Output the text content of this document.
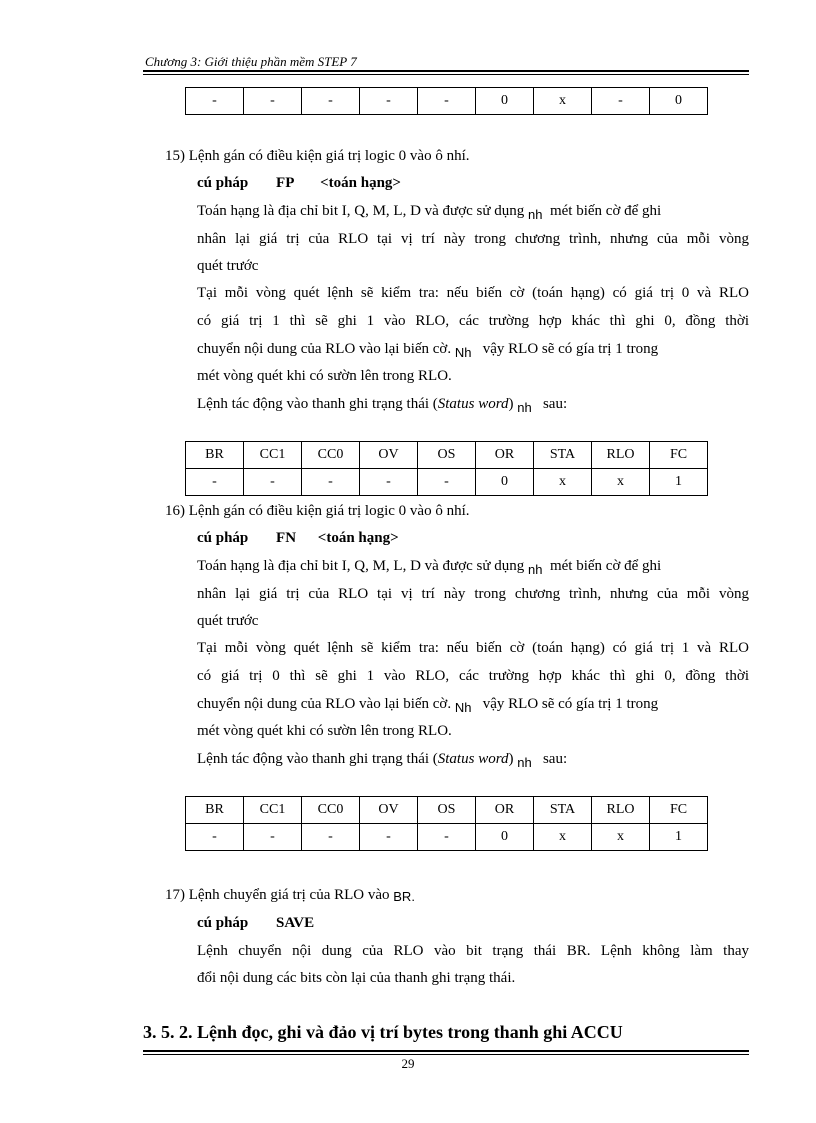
Chương 3: Giới thiệu phần mềm STEP 7
-	-	-	-	-	0	x	-	0
15) Lệnh gán có điều kiện giá trị logic 0 vào ô nhí.
cú pháp FP <toán hạng>
Toán hạng là địa chỉ bit I, Q, M, L, D và được sử dụng nh mét biến cờ để ghi
nhân lại giá trị của RLO tại vị trí này trong chương trình, nhưng của mỗi vòng
quét trước
Tại mỗi vòng quét lệnh sẽ kiểm tra: nếu biến cờ (toán hạng) có giá trị 0 và RLO
có giá trị 1 thì sẽ ghi 1 vào RLO, các trường hợp khác thì ghi 0, đồng thời
chuyển nội dung của RLO vào lại biến cờ. Nh vậy RLO sẽ có gía trị 1 trong
mét vòng quét khi có sườn lên trong RLO.
Lệnh tác động vào thanh ghi trạng thái (Status word) nh sau:
BR	CC1	CC0	OV	OS	OR	STA	RLO	FC
-	-	-	-	-	0	x	x	1
16) Lệnh gán có điều kiện giá trị logic 0 vào ô nhí.
cú pháp FN <toán hạng>
Toán hạng là địa chỉ bit I, Q, M, L, D và được sử dụng nh mét biến cờ để ghi
nhân lại giá trị của RLO tại vị trí này trong chương trình, nhưng của mỗi vòng
quét trước
Tại mỗi vòng quét lệnh sẽ kiểm tra: nếu biến cờ (toán hạng) có giá trị 1 và RLO
có giá trị 0 thì sẽ ghi 1 vào RLO, các trường hợp khác thì ghi 0, đồng thời
chuyển nội dung của RLO vào lại biến cờ. Nh vậy RLO sẽ có gía trị 1 trong
mét vòng quét khi có sườn lên trong RLO.
Lệnh tác động vào thanh ghi trạng thái (Status word) nh sau:
BR	CC1	CC0	OV	OS	OR	STA	RLO	FC
-	-	-	-	-	0	x	x	1
17) Lệnh chuyển giá trị của RLO vào BR.
cú pháp SAVE
Lệnh chuyển nội dung của RLO vào bit trạng thái BR. Lệnh không làm thay
đổi nội dung các bits còn lại của thanh ghi trạng thái.
3. 5. 2. Lệnh đọc, ghi và đảo vị trí bytes trong thanh ghi ACCU
29
